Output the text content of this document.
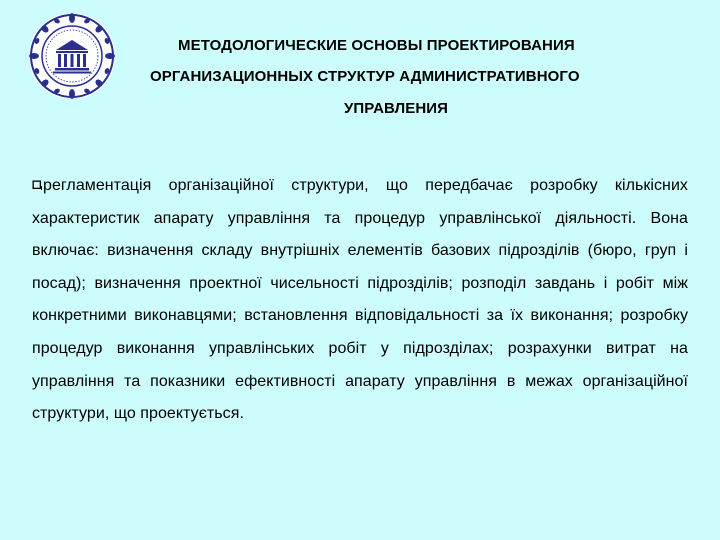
МЕТОДОЛОГИЧЕСКИЕ ОСНОВЫ ПРОЕКТИРОВАНИЯ
ОРГАНИЗАЦИОННЫХ СТРУКТУР АДМИНИСТРАТИВНОГО
УПРАВЛЕНИЯ
регламентація організаційної структури, що передбачає розробку кількісних характеристик апарату управління та процедур управлінської діяльності. Вона включає: визначення складу внутрішніх елементів базових підрозділів (бюро, груп і посад); визначення проектної чисельності підрозділів; розподіл завдань і робіт між конкретними виконавцями; встановлення відповідальності за їх виконання; розробку процедур виконання управлінських робіт у підрозділах; розрахунки витрат на управління та показники ефективності апарату управління в межах організаційної структури, що проектується.
